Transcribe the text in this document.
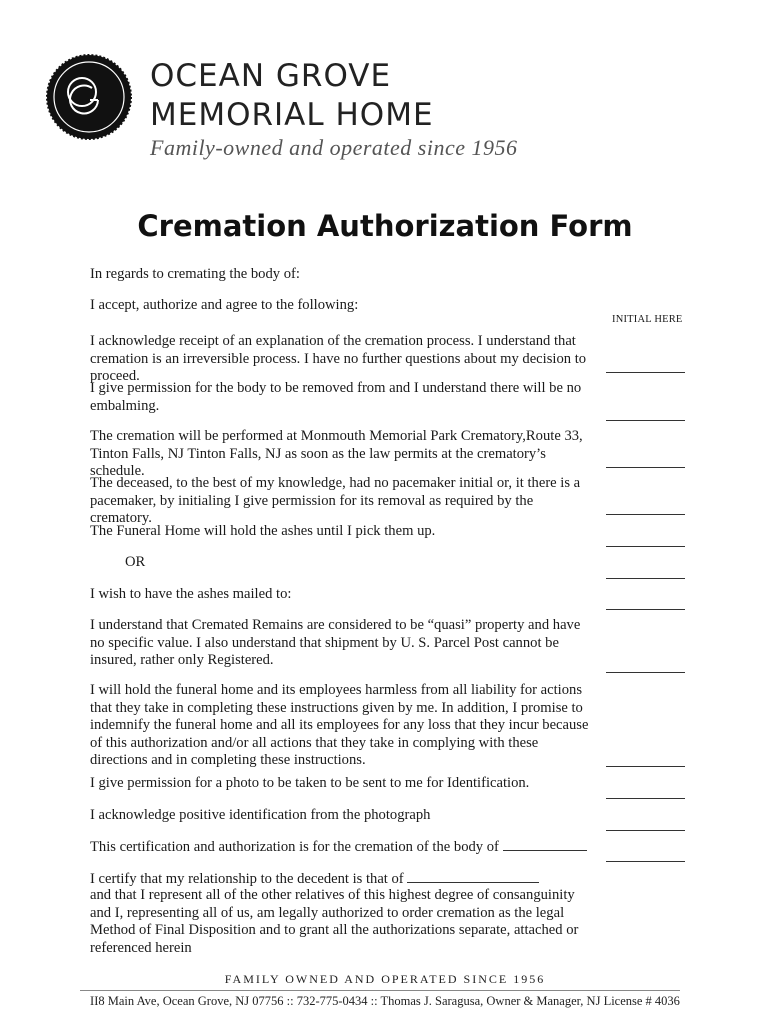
OCEAN GROVE
MEMORIAL HOME
Family-owned and operated since 1956
Cremation Authorization Form
INITIAL HERE
In regards to cremating the body of:
I accept, authorize and agree to the following:
I acknowledge receipt of an explanation of the cremation process. I understand that cremation is an irreversible process. I have no further questions about my decision to proceed.
I give permission for the body to be removed from and I understand there will be no embalming.
The cremation will be performed at Monmouth Memorial Park Crematory,Route 33, Tinton Falls, NJ Tinton Falls, NJ as soon as the law permits at the crematory’s schedule.
The deceased, to the best of my knowledge, had no pacemaker initial or, it there is a pacemaker, by initialing I give permission for its removal as required by the crematory.
The Funeral Home will hold the ashes until I pick them up.
OR
I wish to have the ashes mailed to:
I understand that Cremated Remains are considered to be “quasi” property and have no specific value. I also understand that shipment by U. S. Parcel Post cannot be insured, rather only Registered.
I will hold the funeral home and its employees harmless from all liability for actions that they take in completing these instructions given by me. In addition, I promise to indemnify the funeral home and all its employees for any loss that they incur because of this authorization and/or all actions that they take in complying with these directions and in completing these instructions.
I give permission for a photo to be taken to be sent to me for Identification.
I acknowledge positive identification from the photograph
This certification and authorization is for the cremation of the body of
I certify that my relationship to the decedent is that of
and that I represent all of the other relatives of this highest degree of consanguinity and I, representing all of us, am legally authorized to order cremation as the legal Method of Final Disposition and to grant all the authorizations separate, attached or referenced herein
FAMILY OWNED AND OPERATED SINCE 1956
II8 Main Ave, Ocean Grove, NJ 07756 :: 732-775-0434 :: Thomas J. Saragusa, Owner & Manager, NJ License # 4036
